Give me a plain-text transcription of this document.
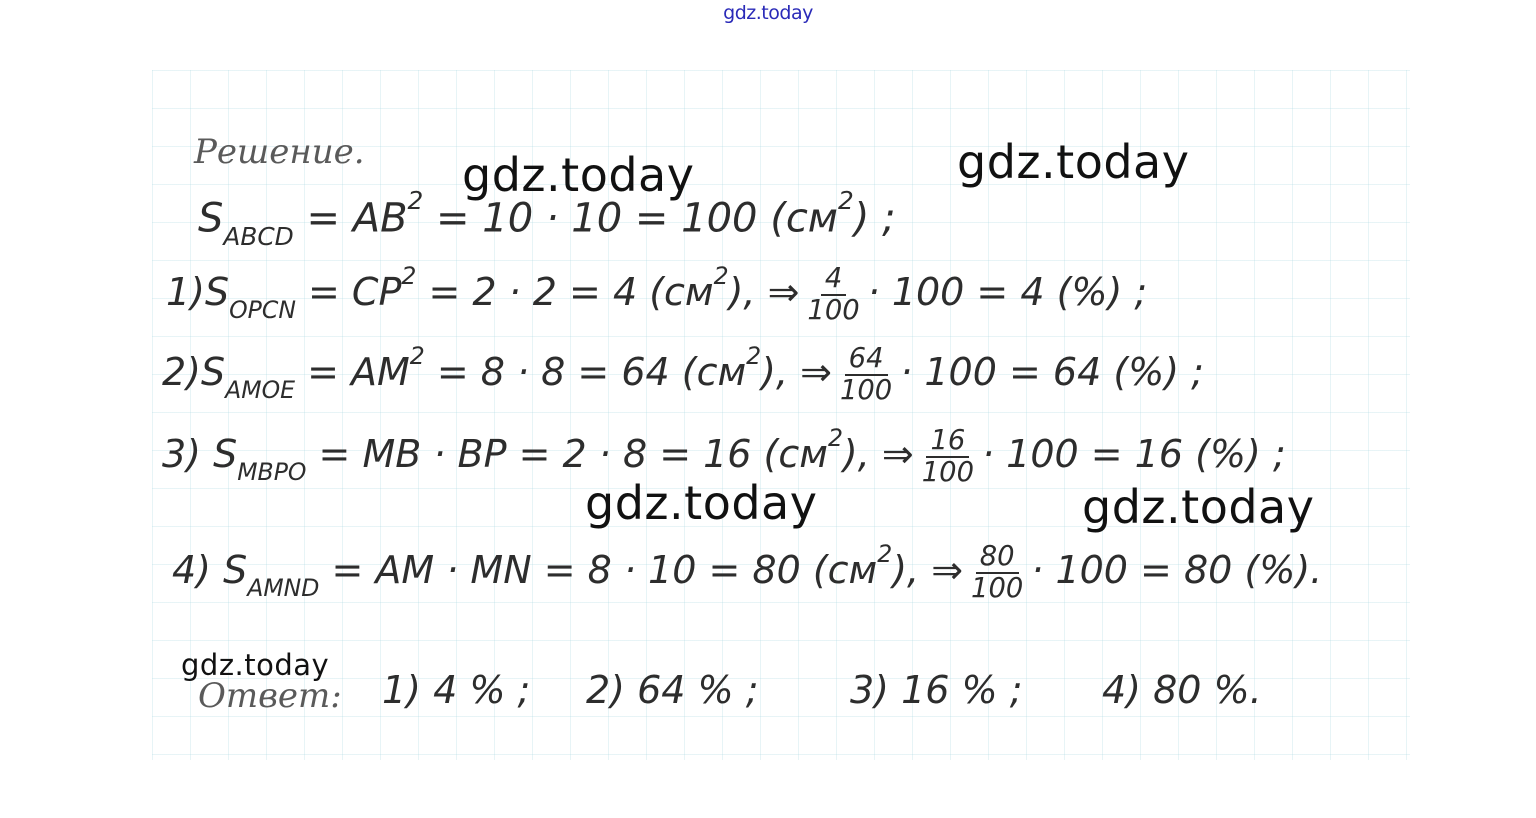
gdz.today
Решение.
$S_{ABCD} = AB^2 = 10 \cdot 10 = 100$ $(см^2)$ ;
$1)S_{OPCN} = CP^2 = 2 \cdot 2 = 4$ $(см^2)$, ⇒ $\frac{4}{100} \cdot 100 = 4$ (%) ;
$2)S_{AMOE} = AM^2 = 8 \cdot 8 = 64$ $(см^2)$, ⇒ $\frac{64}{100} \cdot 100 = 64$ (%) ;
3) $S_{MBPO}$ = MB · BP = 2 · 8 = 16 $(см^2)$, ⇒ $\frac{16}{100} \cdot 100 = 16$ (%) ;
4) $S_{AMND}$ = AM · MN = 8 · 10 = 80 $(см^2)$, ⇒ $\frac{80}{100} \cdot 100 = 80$ (%).
Ответ: 1) 4 % ; 2) 64 % ; 3) 16 % ; 4) 80 %.
gdz.today	gdz.today
gdz.today	gdz.today
gdz.today
